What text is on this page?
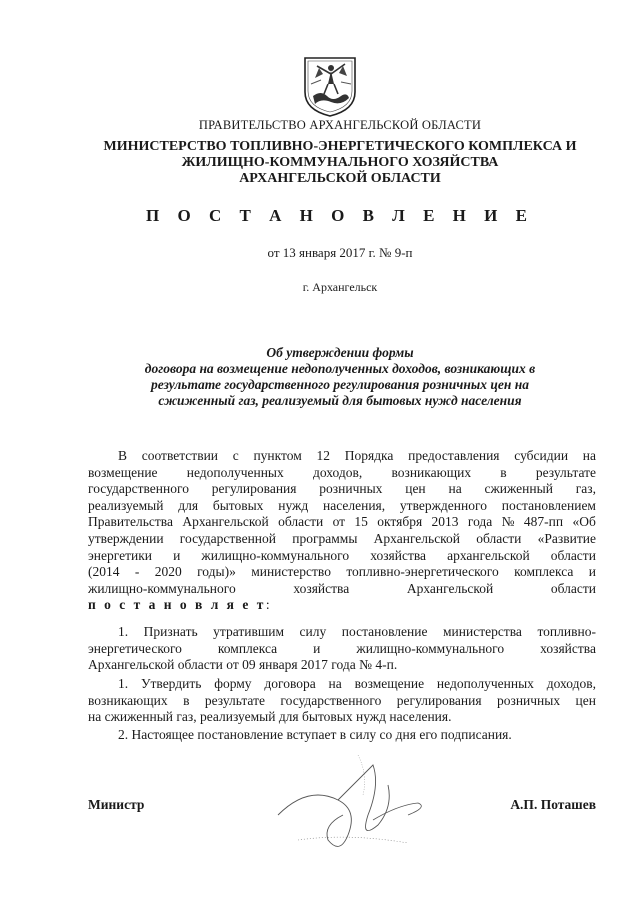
ПРАВИТЕЛЬСТВО АРХАНГЕЛЬСКОЙ ОБЛАСТИ
МИНИСТЕРСТВО ТОПЛИВНО-ЭНЕРГЕТИЧЕСКОГО КОМПЛЕКСА И
ЖИЛИЩНО-КОММУНАЛЬНОГО ХОЗЯЙСТВА
АРХАНГЕЛЬСКОЙ ОБЛАСТИ
П О С Т А Н О В Л Е Н И Е
от 13 января 2017 г. № 9-п
г. Архангельск
Об утверждении формы
договора на возмещение недополученных доходов, возникающих в
результате государственного регулирования розничных цен на
сжиженный газ, реализуемый для бытовых нужд населения
В соответствии с пунктом 12 Порядка предоставления субсидии на
возмещение недополученных доходов, возникающих в результате
государственного регулирования розничных цен на сжиженный газ,
реализуемый для бытовых нужд населения, утвержденного постановлением
Правительства Архангельской области от 15 октября 2013 года № 487-пп «Об
утверждении государственной программы Архангельской области «Развитие
энергетики и жилищно-коммунального хозяйства архангельской области
(2014 - 2020 годы)» министерство топливно-энергетического комплекса и
жилищно-коммунального	хозяйства	Архангельской	области
п о с т а н о в л я е т:
1. Признать утратившим силу постановление министерства топливно-
энергетического	комплекса	и	жилищно-коммунального	хозяйства
Архангельской области от 09 января 2017 года № 4-п.
1. Утвердить форму договора на возмещение недополученных доходов,
возникающих в результате государственного регулирования розничных цен
на сжиженный газ, реализуемый для бытовых нужд населения.
2. Настоящее постановление вступает в силу со дня его подписания.
Министр	А.П. Поташев
